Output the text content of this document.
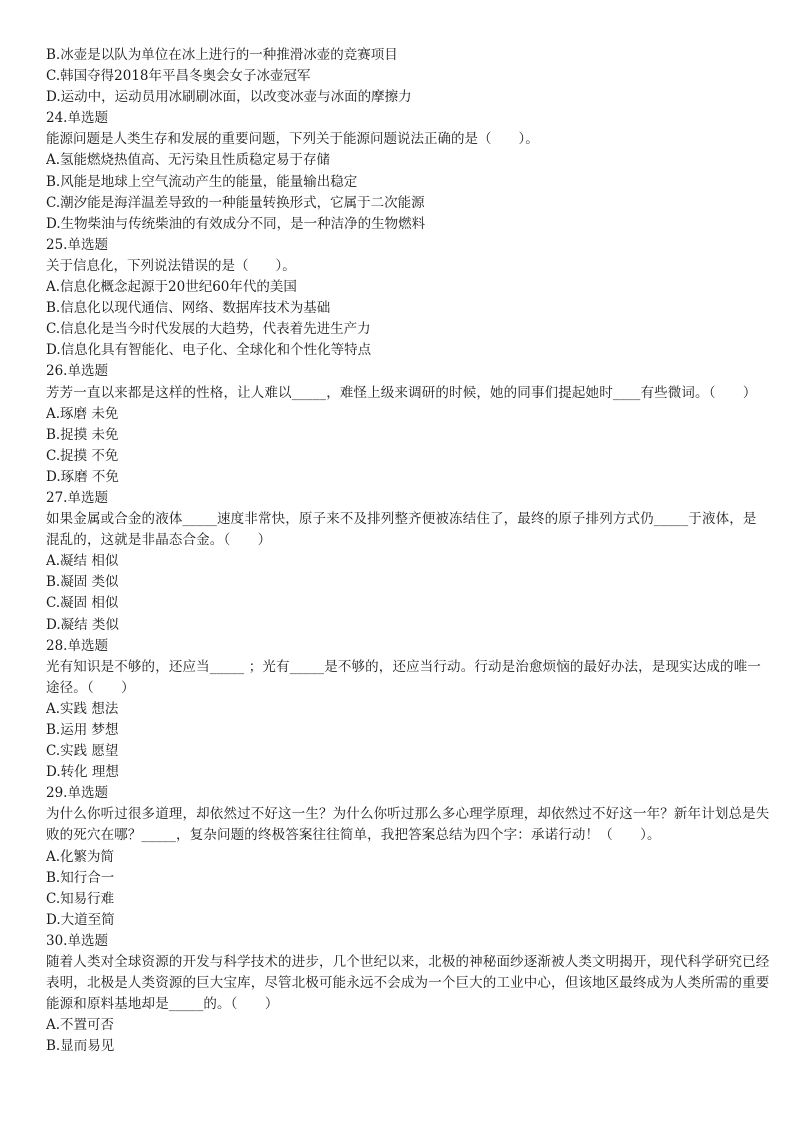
B.冰壶是以队为单位在冰上进行的一种推滑冰壶的竞赛项目
C.韩国夺得2018年平昌冬奥会女子冰壶冠军
D.运动中，运动员用冰刷刷冰面，以改变冰壶与冰面的摩擦力
24.单选题
能源问题是人类生存和发展的重要问题，下列关于能源问题说法正确的是（　　）。
A.氢能燃烧热值高、无污染且性质稳定易于存储
B.风能是地球上空气流动产生的能量，能量输出稳定
C.潮汐能是海洋温差导致的一种能量转换形式，它属于二次能源
D.生物柴油与传统柴油的有效成分不同，是一种洁净的生物燃料
25.单选题
关于信息化，下列说法错误的是（　　）。
A.信息化概念起源于20世纪60年代的美国
B.信息化以现代通信、网络、数据库技术为基础
C.信息化是当今时代发展的大趋势，代表着先进生产力
D.信息化具有智能化、电子化、全球化和个性化等特点
26.单选题
芳芳一直以来都是这样的性格，让人难以_____，难怪上级来调研的时候，她的同事们提起她时____有些微词。（　　）
A.琢磨 未免
B.捉摸 未免
C.捉摸 不免
D.琢磨 不免
27.单选题
如果金属或合金的液体_____速度非常快，原子来不及排列整齐便被冻结住了，最终的原子排列方式仍_____于液体，是混乱的，这就是非晶态合金。（　　）
A.凝结 相似
B.凝固 类似
C.凝固 相似
D.凝结 类似
28.单选题
光有知识是不够的，还应当_____ ；光有_____是不够的，还应当行动。行动是治愈烦恼的最好办法，是现实达成的唯一途径。（　　）
A.实践 想法
B.运用 梦想
C.实践 愿望
D.转化 理想
29.单选题
为什么你听过很多道理，却依然过不好这一生？为什么你听过那么多心理学原理，却依然过不好这一年？新年计划总是失败的死穴在哪？_____，复杂问题的终极答案往往简单，我把答案总结为四个字：承诺行动！（　　）。
A.化繁为简
B.知行合一
C.知易行难
D.大道至简
30.单选题
随着人类对全球资源的开发与科学技术的进步，几个世纪以来，北极的神秘面纱逐渐被人类文明揭开，现代科学研究已经表明，北极是人类资源的巨大宝库，尽管北极可能永远不会成为一个巨大的工业中心，但该地区最终成为人类所需的重要能源和原料基地却是_____的。（　　）
A.不置可否
B.显而易见
